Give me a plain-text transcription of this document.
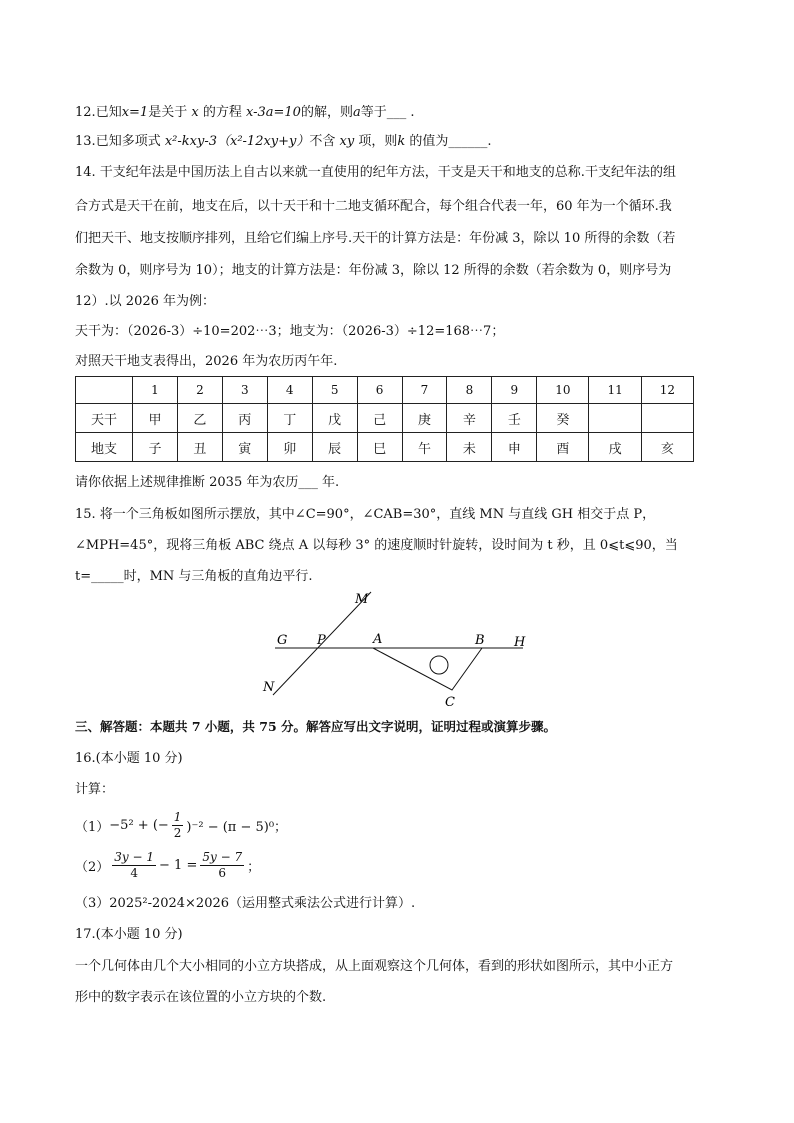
12.已知x=1是关于 x 的方程 x-3a=10的解，则a等于___ .
13.已知多项式 x²-kxy-3（x²-12xy+y）不含 xy 项，则k 的值为______.
14. 干支纪年法是中国历法上自古以来就一直使用的纪年方法，干支是天干和地支的总称.干支纪年法的组
合方式是天干在前，地支在后，以十天干和十二地支循环配合，每个组合代表一年，60 年为一个循环.我
们把天干、地支按顺序排列，且给它们编上序号.天干的计算方法是：年份减 3，除以 10 所得的余数（若
余数为 0，则序号为 10）；地支的计算方法是：年份减 3，除以 12 所得的余数（若余数为 0，则序号为
12）.以 2026 年为例：
天干为：（2026-3）÷10=202⋯3；地支为：（2026-3）÷12=168⋯7；
对照天干地支表得出，2026 年为农历丙午年.
	1	2	3	4	5	6	7	8	9	10	11	12
天干	甲	乙	丙	丁	戊	己	庚	辛	壬	癸		
地支	子	丑	寅	卯	辰	巳	午	未	申	酉	戌	亥
请你依据上述规律推断 2035 年为农历___ 年.
15. 将一个三角板如图所示摆放，其中∠C=90°，∠CAB=30°，直线 MN 与直线 GH 相交于点 P，
∠MPH=45°，现将三角板 ABC 绕点 A 以每秒 3° 的速度顺时针旋转，设时间为 t 秒，且 0⩽t⩽90，当
t=_____时，MN 与三角板的直角边平行.
M
G P	A	B H
N
C
三、解答题：本题共 7 小题，共 75 分。解答应写出文字说明，证明过程或演算步骤。
16.(本小题 10 分)
计算：
（1） −5² + (− $\frac{1}{2} )^{-2} - (\pi - 5)^0$；
$(2) \frac{3y - 1}{4} - 1 = \frac{5y - 7}{6}$ ；
（3）2025²-2024×2026（运用整式乘法公式进行计算）.
17.(本小题 10 分)
一个几何体由几个大小相同的小立方块搭成，从上面观察这个几何体，看到的形状如图所示，其中小正方
形中的数字表示在该位置的小立方块的个数.
